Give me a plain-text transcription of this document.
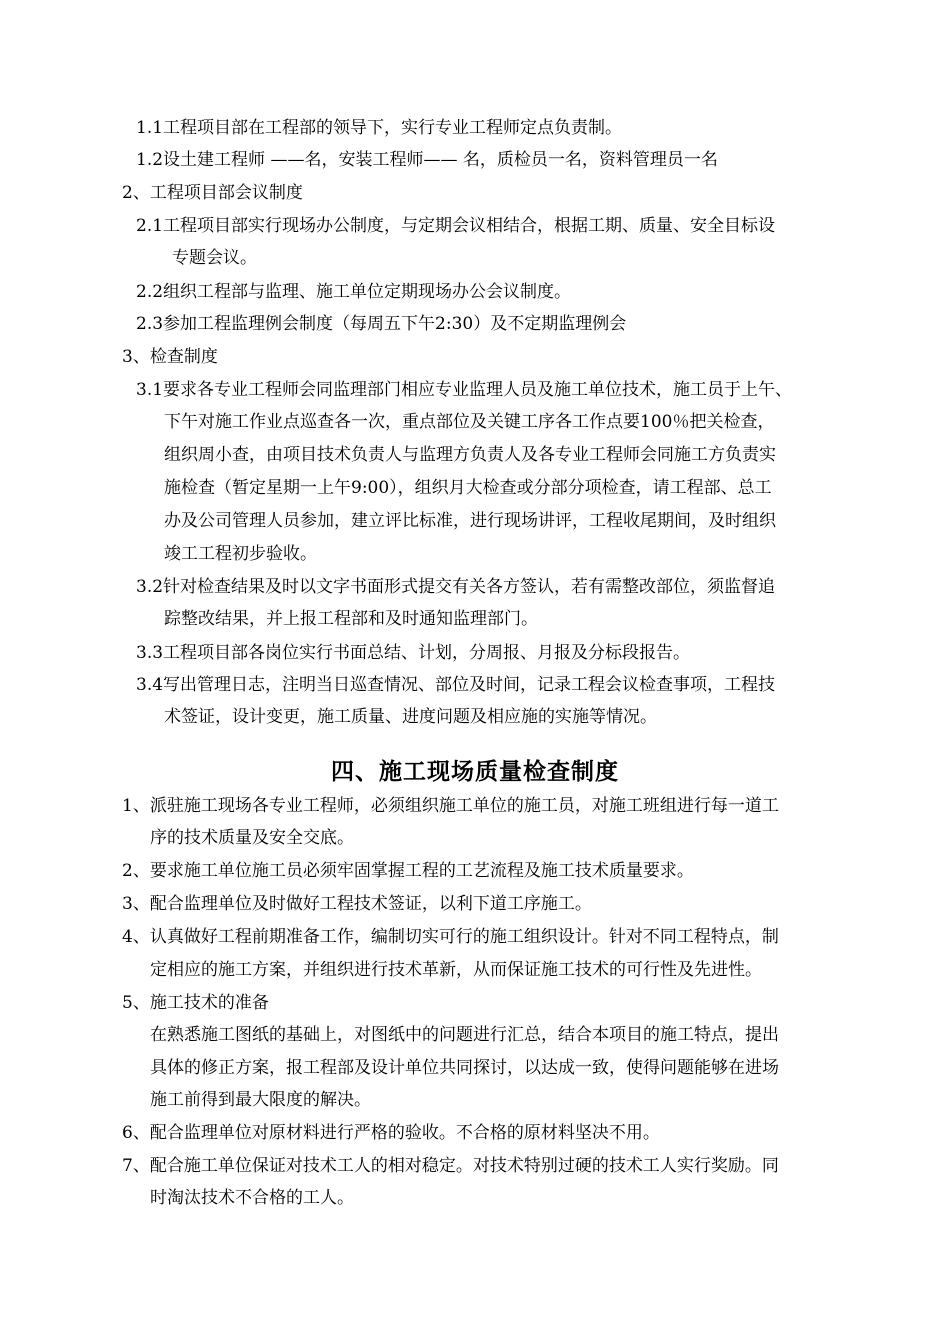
1.1工程项目部在工程部的领导下，实行专业工程师定点负责制。
1.2设土建工程师 ——名，安装工程师—— 名，质检员一名，资料管理员一名
2、工程项目部会议制度
2.1工程项目部实行现场办公制度，与定期会议相结合，根据工期、质量、安全目标设
专题会议。
2.2组织工程部与监理、施工单位定期现场办公会议制度。
2.3参加工程监理例会制度（每周五下午2:30）及不定期监理例会
3、检查制度
3.1要求各专业工程师会同监理部门相应专业监理人员及施工单位技术，施工员于上午、
下午对施工作业点巡查各一次，重点部位及关键工序各工作点要100％把关检查，
组织周小查，由项目技术负责人与监理方负责人及各专业工程师会同施工方负责实
施检查（暂定星期一上午9:00），组织月大检查或分部分项检查，请工程部、总工
办及公司管理人员参加，建立评比标准，进行现场讲评，工程收尾期间，及时组织
竣工工程初步验收。
3.2针对检查结果及时以文字书面形式提交有关各方签认，若有需整改部位，须监督追
踪整改结果，并上报工程部和及时通知监理部门。
3.3工程项目部各岗位实行书面总结、计划，分周报、月报及分标段报告。
3.4写出管理日志，注明当日巡查情况、部位及时间，记录工程会议检查事项，工程技
术签证，设计变更，施工质量、进度问题及相应施的实施等情况。
四、施工现场质量检查制度
1、派驻施工现场各专业工程师，必须组织施工单位的施工员，对施工班组进行每一道工
序的技术质量及安全交底。
2、要求施工单位施工员必须牢固掌握工程的工艺流程及施工技术质量要求。
3、配合监理单位及时做好工程技术签证，以利下道工序施工。
4、认真做好工程前期准备工作，编制切实可行的施工组织设计。针对不同工程特点，制
定相应的施工方案，并组织进行技术革新，从而保证施工技术的可行性及先进性。
5、施工技术的准备
在熟悉施工图纸的基础上，对图纸中的问题进行汇总，结合本项目的施工特点，提出
具体的修正方案，报工程部及设计单位共同探讨，以达成一致，使得问题能够在进场
施工前得到最大限度的解决。
6、配合监理单位对原材料进行严格的验收。不合格的原材料坚决不用。
7、配合施工单位保证对技术工人的相对稳定。对技术特别过硬的技术工人实行奖励。同
时淘汰技术不合格的工人。
